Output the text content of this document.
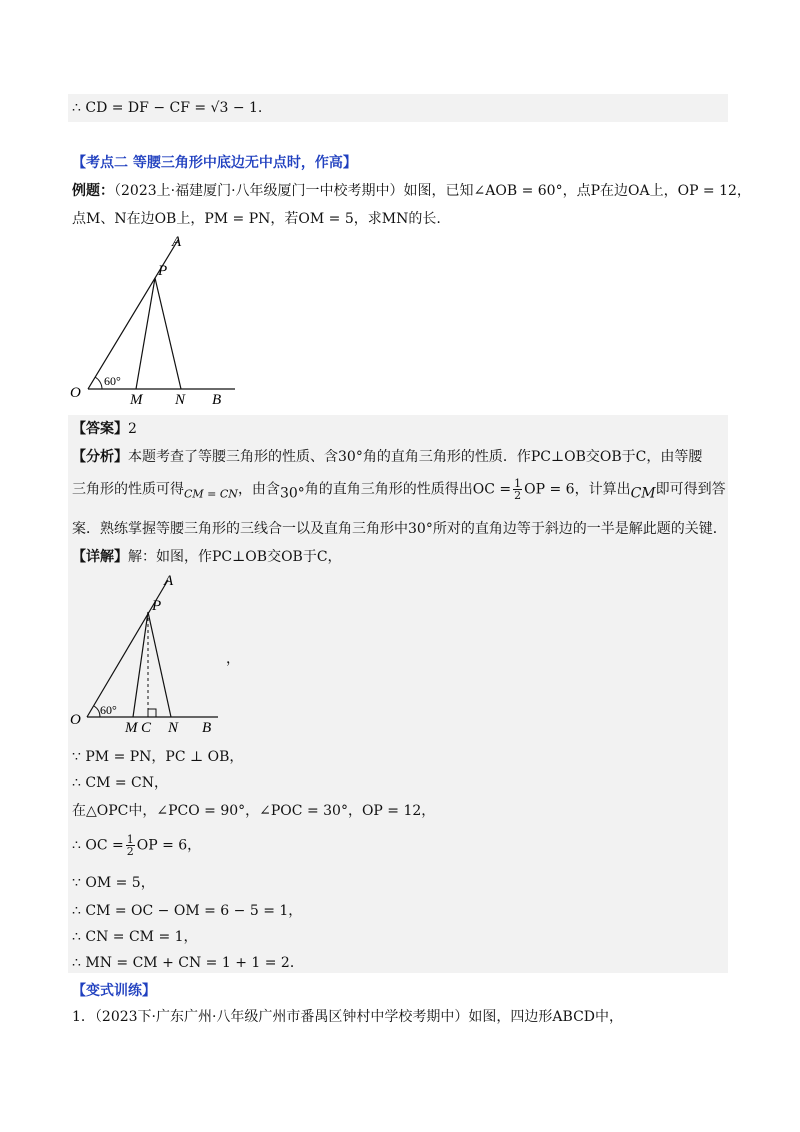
∴ CD = DF − CF = √3 − 1.
【考点二 等腰三角形中底边无中点时，作高】
例题：（2023上·福建厦门·八年级厦门一中校考期中）如图，已知∠AOB = 60°，点P在边OA上，OP = 12，
点M、N在边OB上，PM = PN，若OM = 5，求MN的长.
A
P
O
60°
M N B
【答案】2
【分析】本题考查了等腰三角形的性质、含30°角的直角三角形的性质．作PC⊥OB交OB于C，由等腰
三角形的性质可得$_{CM = CN}$，由含30°角的直角三角形的性质得出OC = $\frac{1}{2}$ OP = 6，计算出CM即可得到答
案．熟练掌握等腰三角形的三线合一以及直角三角形中30°所对的直角边等于斜边的一半是解此题的关键．
【详解】解：如图，作PC⊥OB交OB于C，
A
P
O
60°
M C N B
，
∵ PM = PN，PC ⊥ OB，
∴ CM = CN，
在△OPC中，∠PCO = 90°，∠POC = 30°，OP = 12，
∴ OC = $\frac{1}{2}$ OP = 6，
∵ OM = 5，
∴ CM = OC − OM = 6 − 5 = 1，
∴ CN = CM = 1，
∴ MN = CM + CN = 1 + 1 = 2．
【变式训练】
1．（2023下·广东广州·八年级广州市番禺区钟村中学校考期中）如图，四边形ABCD中，
